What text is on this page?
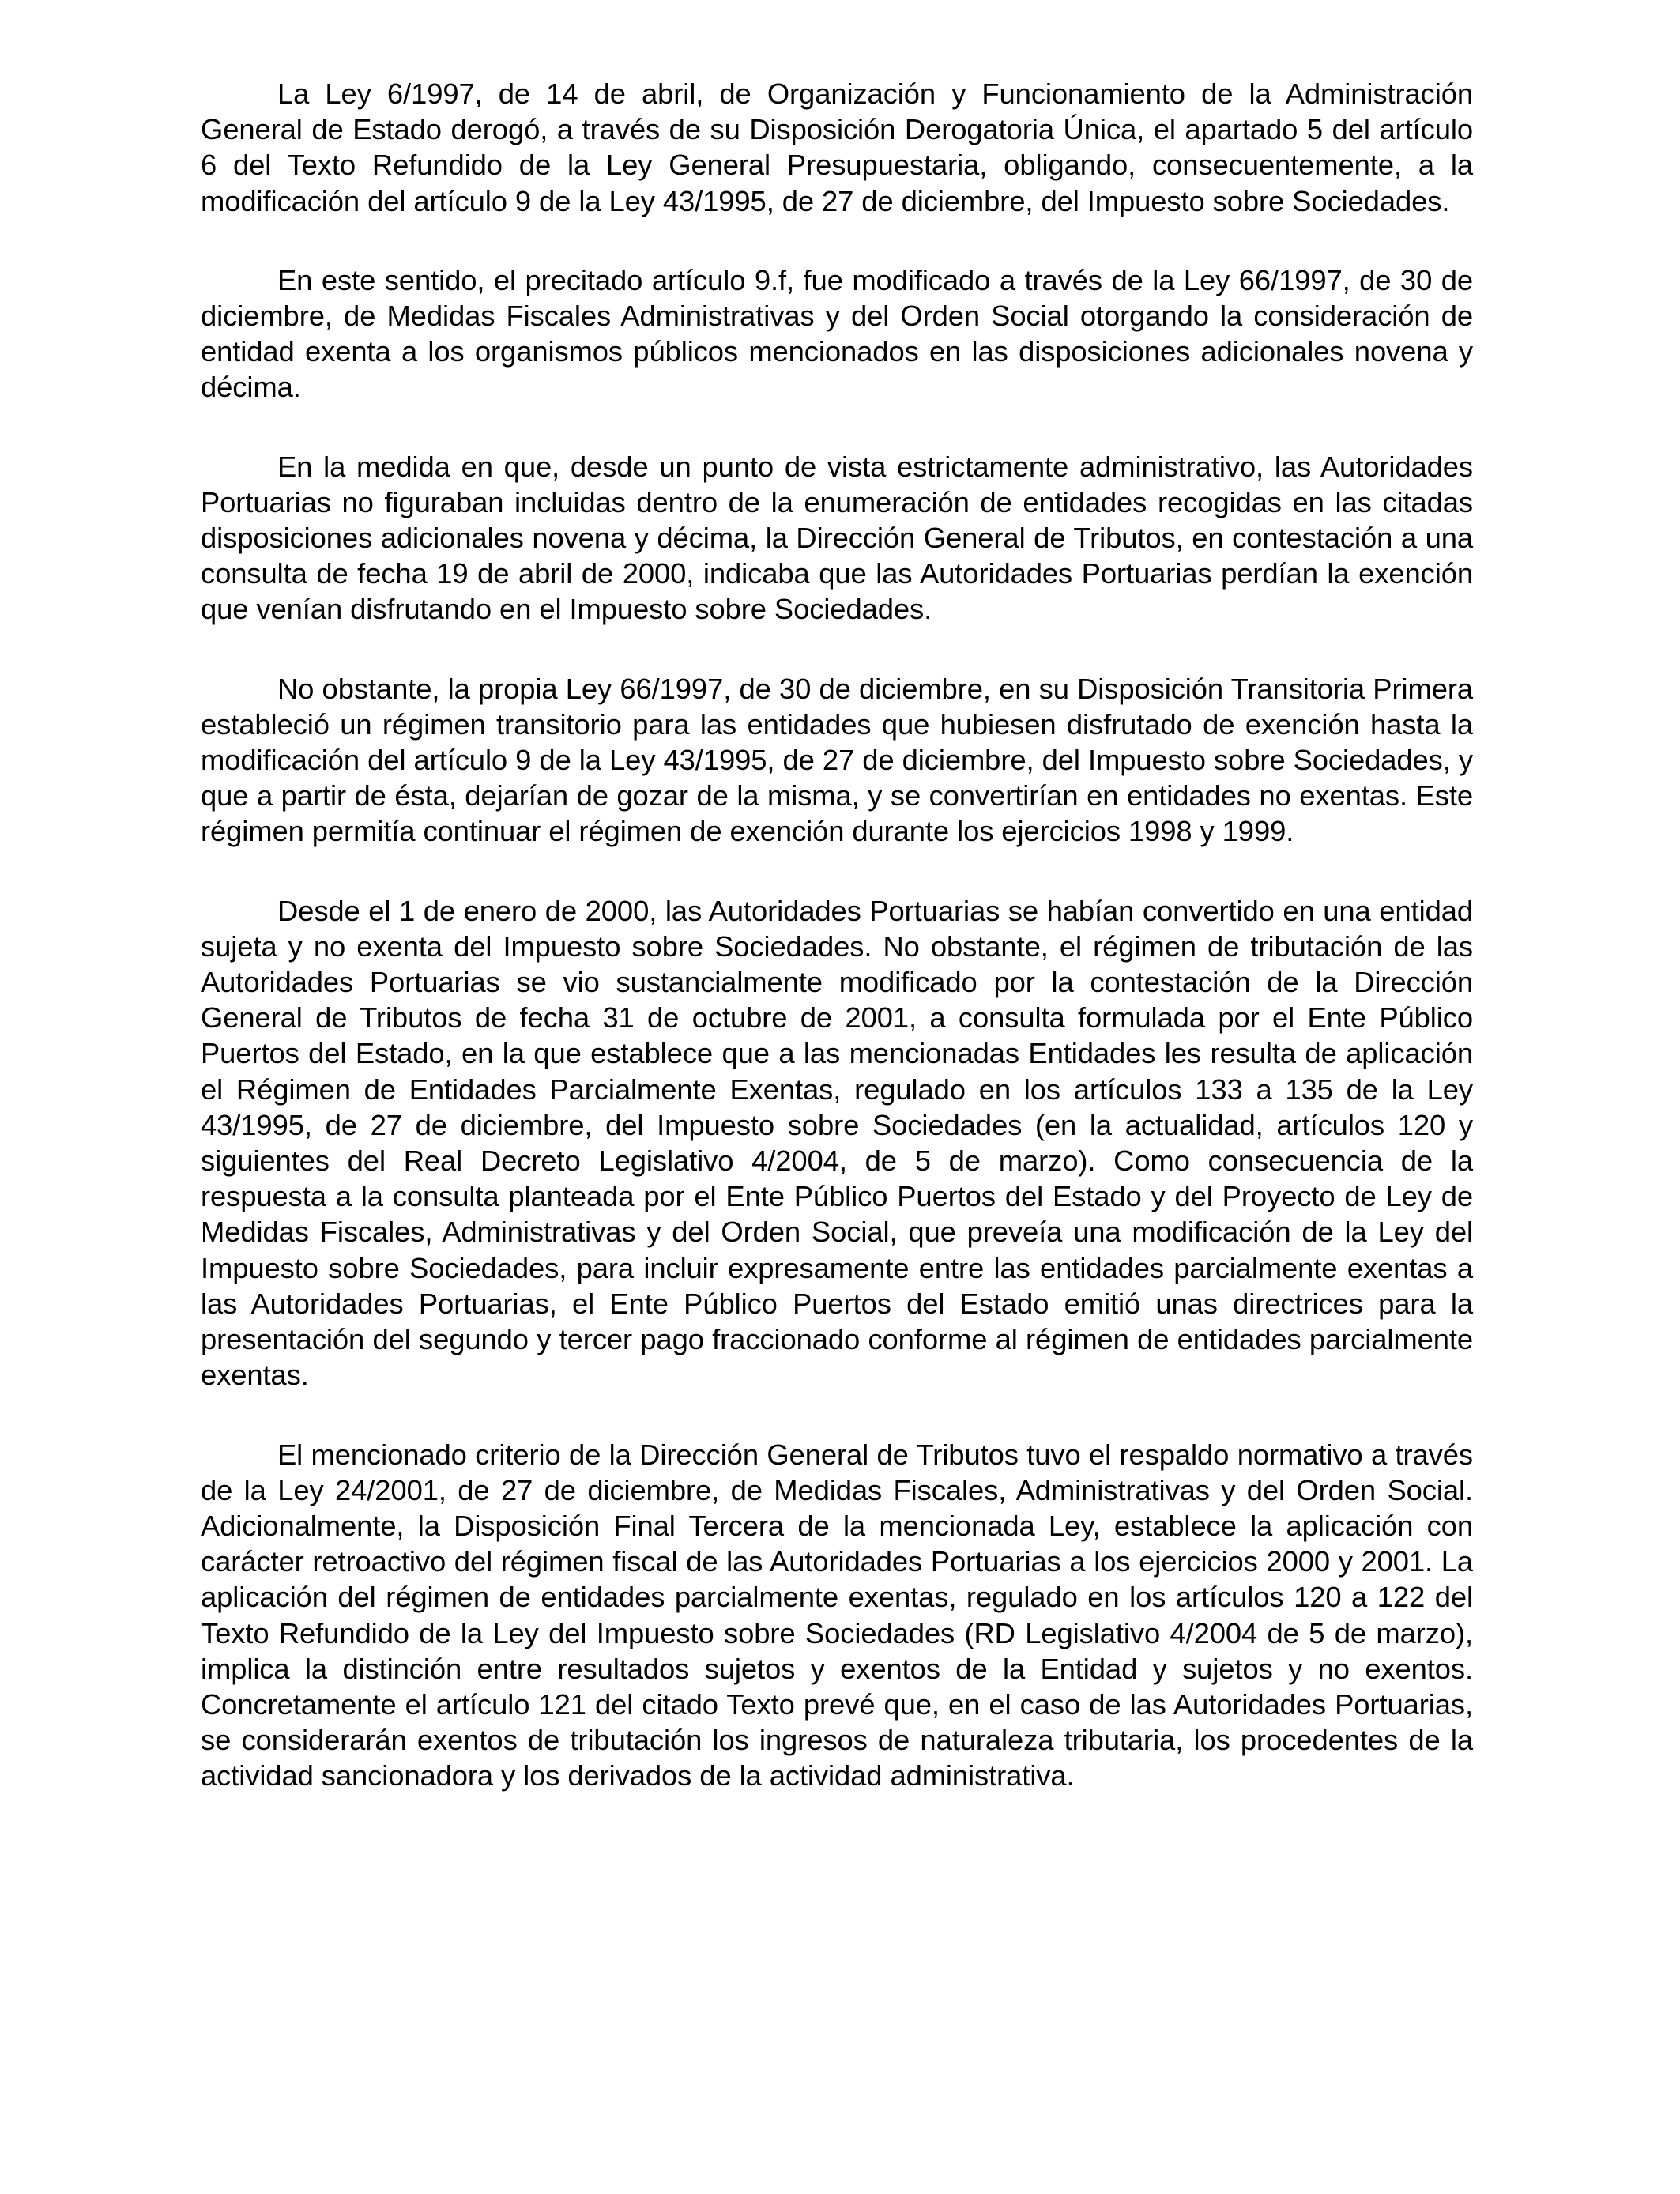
La Ley 6/1997, de 14 de abril, de Organización y Funcionamiento de la Administración General de Estado derogó, a través de su Disposición Derogatoria Única, el apartado 5 del artículo 6 del Texto Refundido de la Ley General Presupuestaria, obligando, consecuentemente, a la modificación del artículo 9 de la Ley 43/1995, de 27 de diciembre, del Impuesto sobre Sociedades.

En este sentido, el precitado artículo 9.f, fue modificado a través de la Ley 66/1997, de 30 de diciembre, de Medidas Fiscales Administrativas y del Orden Social otorgando la consideración de entidad exenta a los organismos públicos mencionados en las disposiciones adicionales novena y décima.

En la medida en que, desde un punto de vista estrictamente administrativo, las Autoridades Portuarias no figuraban incluidas dentro de la enumeración de entidades recogidas en las citadas disposiciones adicionales novena y décima, la Dirección General de Tributos, en contestación a una consulta de fecha 19 de abril de 2000, indicaba que las Autoridades Portuarias perdían la exención que venían disfrutando en el Impuesto sobre Sociedades.

No obstante, la propia Ley 66/1997, de 30 de diciembre, en su Disposición Transitoria Primera estableció un régimen transitorio para las entidades que hubiesen disfrutado de exención hasta la modificación del artículo 9 de la Ley 43/1995, de 27 de diciembre, del Impuesto sobre Sociedades, y que a partir de ésta, dejarían de gozar de la misma, y se convertirían en entidades no exentas. Este régimen permitía continuar el régimen de exención durante los ejercicios 1998 y 1999.

Desde el 1 de enero de 2000, las Autoridades Portuarias se habían convertido en una entidad sujeta y no exenta del Impuesto sobre Sociedades. No obstante, el régimen de tributación de las Autoridades Portuarias se vio sustancialmente modificado por la contestación de la Dirección General de Tributos de fecha 31 de octubre de 2001, a consulta formulada por el Ente Público Puertos del Estado, en la que establece que a las mencionadas Entidades les resulta de aplicación el Régimen de Entidades Parcialmente Exentas, regulado en los artículos 133 a 135 de la Ley 43/1995, de 27 de diciembre, del Impuesto sobre Sociedades (en la actualidad, artículos 120 y siguientes del Real Decreto Legislativo 4/2004, de 5 de marzo). Como consecuencia de la respuesta a la consulta planteada por el Ente Público Puertos del Estado y del Proyecto de Ley de Medidas Fiscales, Administrativas y del Orden Social, que preveía una modificación de la Ley del Impuesto sobre Sociedades, para incluir expresamente entre las entidades parcialmente exentas a las Autoridades Portuarias, el Ente Público Puertos del Estado emitió unas directrices para la presentación del segundo y tercer pago fraccionado conforme al régimen de entidades parcialmente exentas.

El mencionado criterio de la Dirección General de Tributos tuvo el respaldo normativo a través de la Ley 24/2001, de 27 de diciembre, de Medidas Fiscales, Administrativas y del Orden Social. Adicionalmente, la Disposición Final Tercera de la mencionada Ley, establece la aplicación con carácter retroactivo del régimen fiscal de las Autoridades Portuarias a los ejercicios 2000 y 2001. La aplicación del régimen de entidades parcialmente exentas, regulado en los artículos 120 a 122 del Texto Refundido de la Ley del Impuesto sobre Sociedades (RD Legislativo 4/2004 de 5 de marzo), implica la distinción entre resultados sujetos y exentos de la Entidad y sujetos y no exentos. Concretamente el artículo 121 del citado Texto prevé que, en el caso de las Autoridades Portuarias, se considerarán exentos de tributación los ingresos de naturaleza tributaria, los procedentes de la actividad sancionadora y los derivados de la actividad administrativa.
